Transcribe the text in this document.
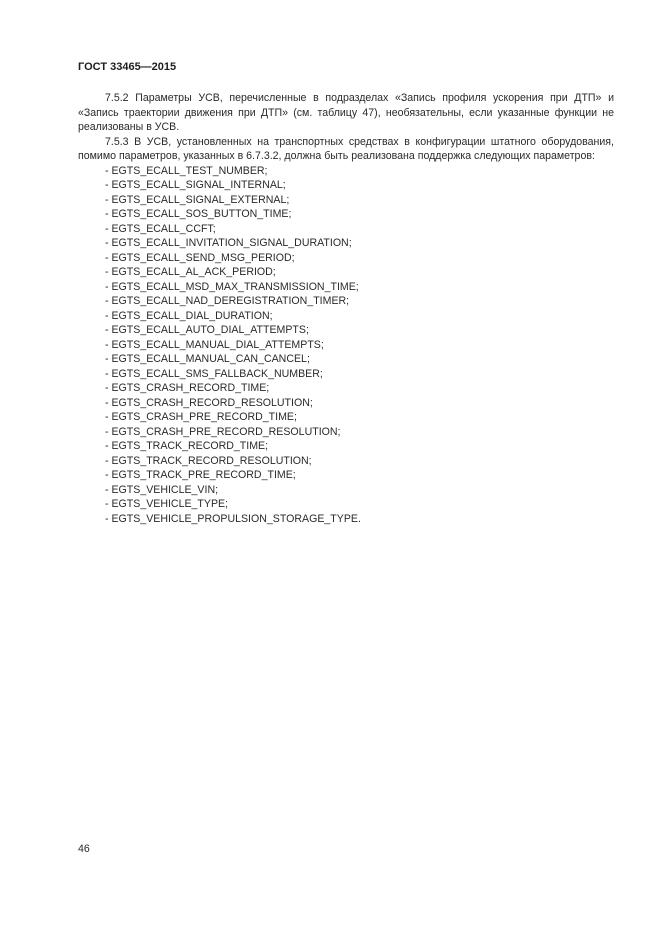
ГОСТ 33465—2015

7.5.2 Параметры УСВ, перечисленные в подразделах «Запись профиля ускорения при ДТП» и «Запись траектории движения при ДТП» (см. таблицу 47), необязательны, если указанные функции не реализованы в УСВ.

7.5.3 В УСВ, установленных на транспортных средствах в конфигурации штатного оборудования, помимо параметров, указанных в 6.7.3.2, должна быть реализована поддержка следующих параметров:

- EGTS_ECALL_TEST_NUMBER;
- EGTS_ECALL_SIGNAL_INTERNAL;
- EGTS_ECALL_SIGNAL_EXTERNAL;
- EGTS_ECALL_SOS_BUTTON_TIME;
- EGTS_ECALL_CCFT;
- EGTS_ECALL_INVITATION_SIGNAL_DURATION;
- EGTS_ECALL_SEND_MSG_PERIOD;
- EGTS_ECALL_AL_ACK_PERIOD;
- EGTS_ECALL_MSD_MAX_TRANSMISSION_TIME;
- EGTS_ECALL_NAD_DEREGISTRATION_TIMER;
- EGTS_ECALL_DIAL_DURATION;
- EGTS_ECALL_AUTO_DIAL_ATTEMPTS;
- EGTS_ECALL_MANUAL_DIAL_ATTEMPTS;
- EGTS_ECALL_MANUAL_CAN_CANCEL;
- EGTS_ECALL_SMS_FALLBACK_NUMBER;
- EGTS_CRASH_RECORD_TIME;
- EGTS_CRASH_RECORD_RESOLUTION;
- EGTS_CRASH_PRE_RECORD_TIME;
- EGTS_CRASH_PRE_RECORD_RESOLUTION;
- EGTS_TRACK_RECORD_TIME;
- EGTS_TRACK_RECORD_RESOLUTION;
- EGTS_TRACK_PRE_RECORD_TIME;
- EGTS_VEHICLE_VIN;
- EGTS_VEHICLE_TYPE;
- EGTS_VEHICLE_PROPULSION_STORAGE_TYPE.
46
